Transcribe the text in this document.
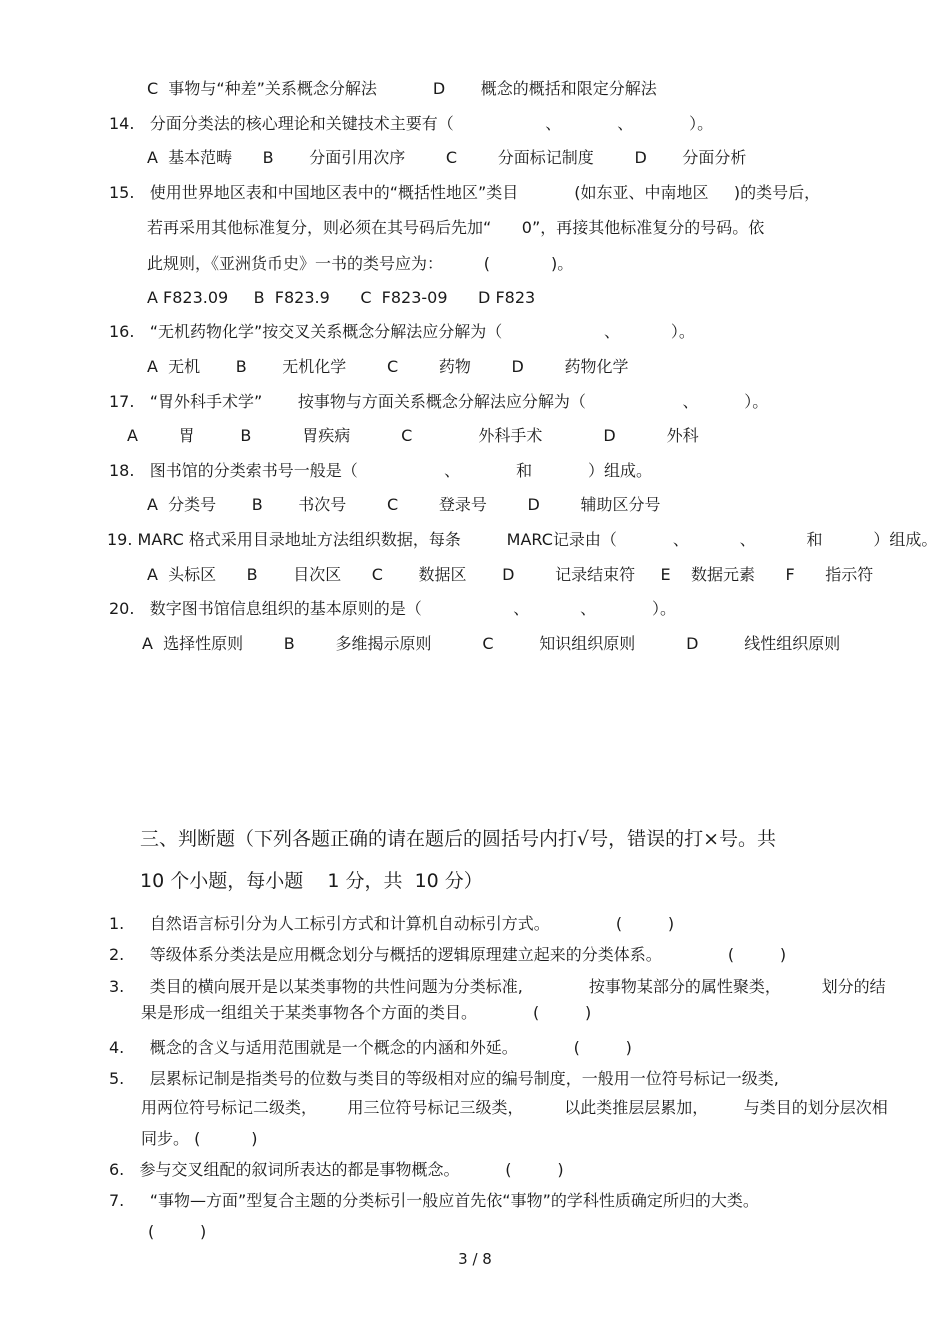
C  事物与“种差”关系概念分解法           D       概念的概括和限定分解法
14.   分面分类法的核心理论和关键技术主要有（                  、           、           ）。
A  基本范畴      B       分面引用次序        C        分面标记制度        D       分面分析
15.   使用世界地区表和中国地区表中的“概括性地区”类目           (如东亚、中南地区     )的类号后，
若再采用其他标准复分，则必须在其号码后先加“      0”，再接其他标准复分的号码。依
此规则，《亚洲货币史》一书的类号应为：        (            )。
A F823.09     B  F823.9      C  F823-09      D F823
16.   “无机药物化学”按交叉关系概念分解法应分解为（                    、          ）。
A  无机       B       无机化学        C        药物        D        药物化学
17.   “胃外科手术学”       按事物与方面关系概念分解法应分解为（                   、         ）。
A        胃         B          胃疾病          C             外科手术            D          外科
18.   图书馆的分类索书号一般是（                 、           和           ）组成。
A  分类号       B       书次号        C        登录号        D        辅助区分号
19. MARC 格式采用目录地址方法组织数据，每条         MARC记录由（           、          、          和          ）组成。
A  头标区      B       目次区      C       数据区       D        记录结束符     E    数据元素      F      指示符
20.   数字图书馆信息组织的基本原则的是（                  、          、           ）。
A  选择性原则        B        多维揭示原则          C         知识组织原则          D         线性组织原则
三、判断题（下列各题正确的请在题后的圆括号内打√号，错误的打×号。共
10 个小题，每小题    1 分，共  10 分）
1.     自然语言标引分为人工标引方式和计算机自动标引方式。             (         )
2.     等级体系分类法是应用概念划分与概括的逻辑原理建立起来的分类体系。             (         )
3.     类目的横向展开是以某类事物的共性问题为分类标准,             按事物某部分的属性聚类，        划分的结
果是形成一组组关于某类事物各个方面的类目。           (         )
4.     概念的含义与适用范围就是一个概念的内涵和外延。           (         )
5.     层累标记制是指类号的位数与类目的等级相对应的编号制度，一般用一位符号标记一级类,
用两位符号标记二级类，      用三位符号标记三级类，        以此类推层层累加，       与类目的划分层次相
同步。 (          )
6.   参与交叉组配的叙词所表达的都是事物概念。         (         )
7.     “事物—方面”型复合主题的分类标引一般应首先依“事物”的学科性质确定所归的大类。
(         )
3 / 8
